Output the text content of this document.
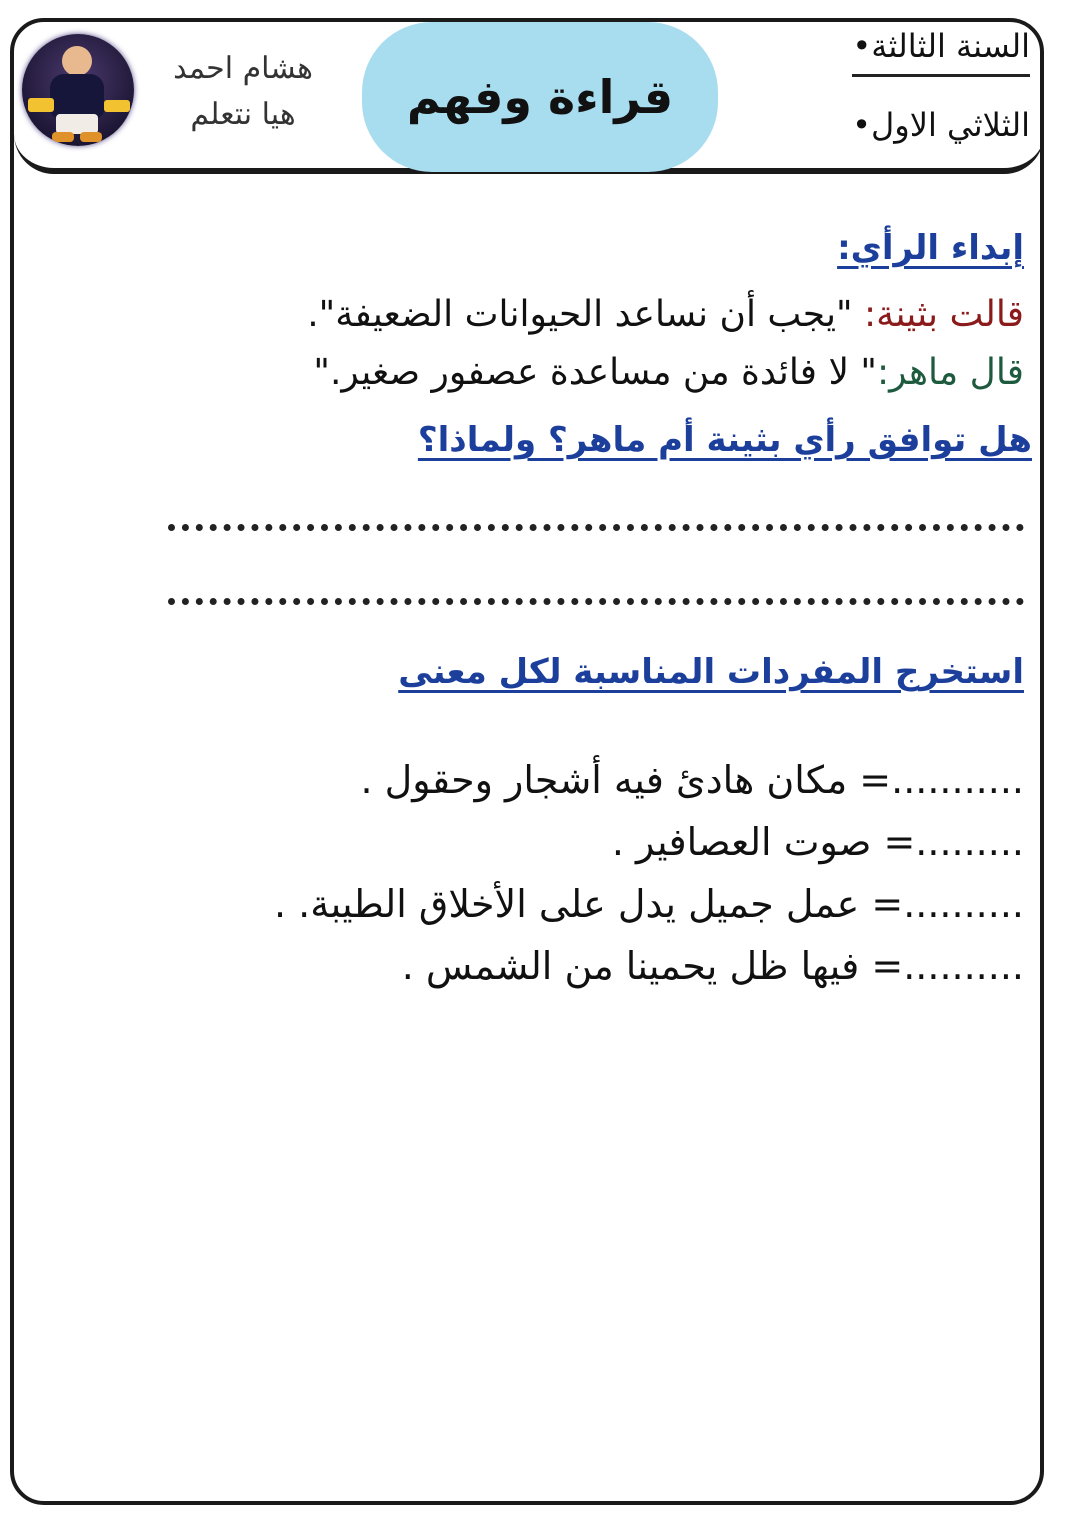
هشام احمد
هيا نتعلم	قراءة وفهم
•السنة الثالثة
•الثلاثي الاول
إبداء الرأي:
قالت بثينة: "يجب أن نساعد الحيوانات الضعيفة".
قال ماهر:" لا فائدة من مساعدة عصفور صغير."
هل توافق رأي بثينة أم ماهر؟ ولماذا؟
استخرج المفردات المناسبة لكل معنى
...........= مكان هادئ فيه أشجار وحقول .
.........= صوت العصافير .
..........= عمل جميل يدل على الأخلاق الطيبة. .
..........= فيها ظل يحمينا من الشمس .
